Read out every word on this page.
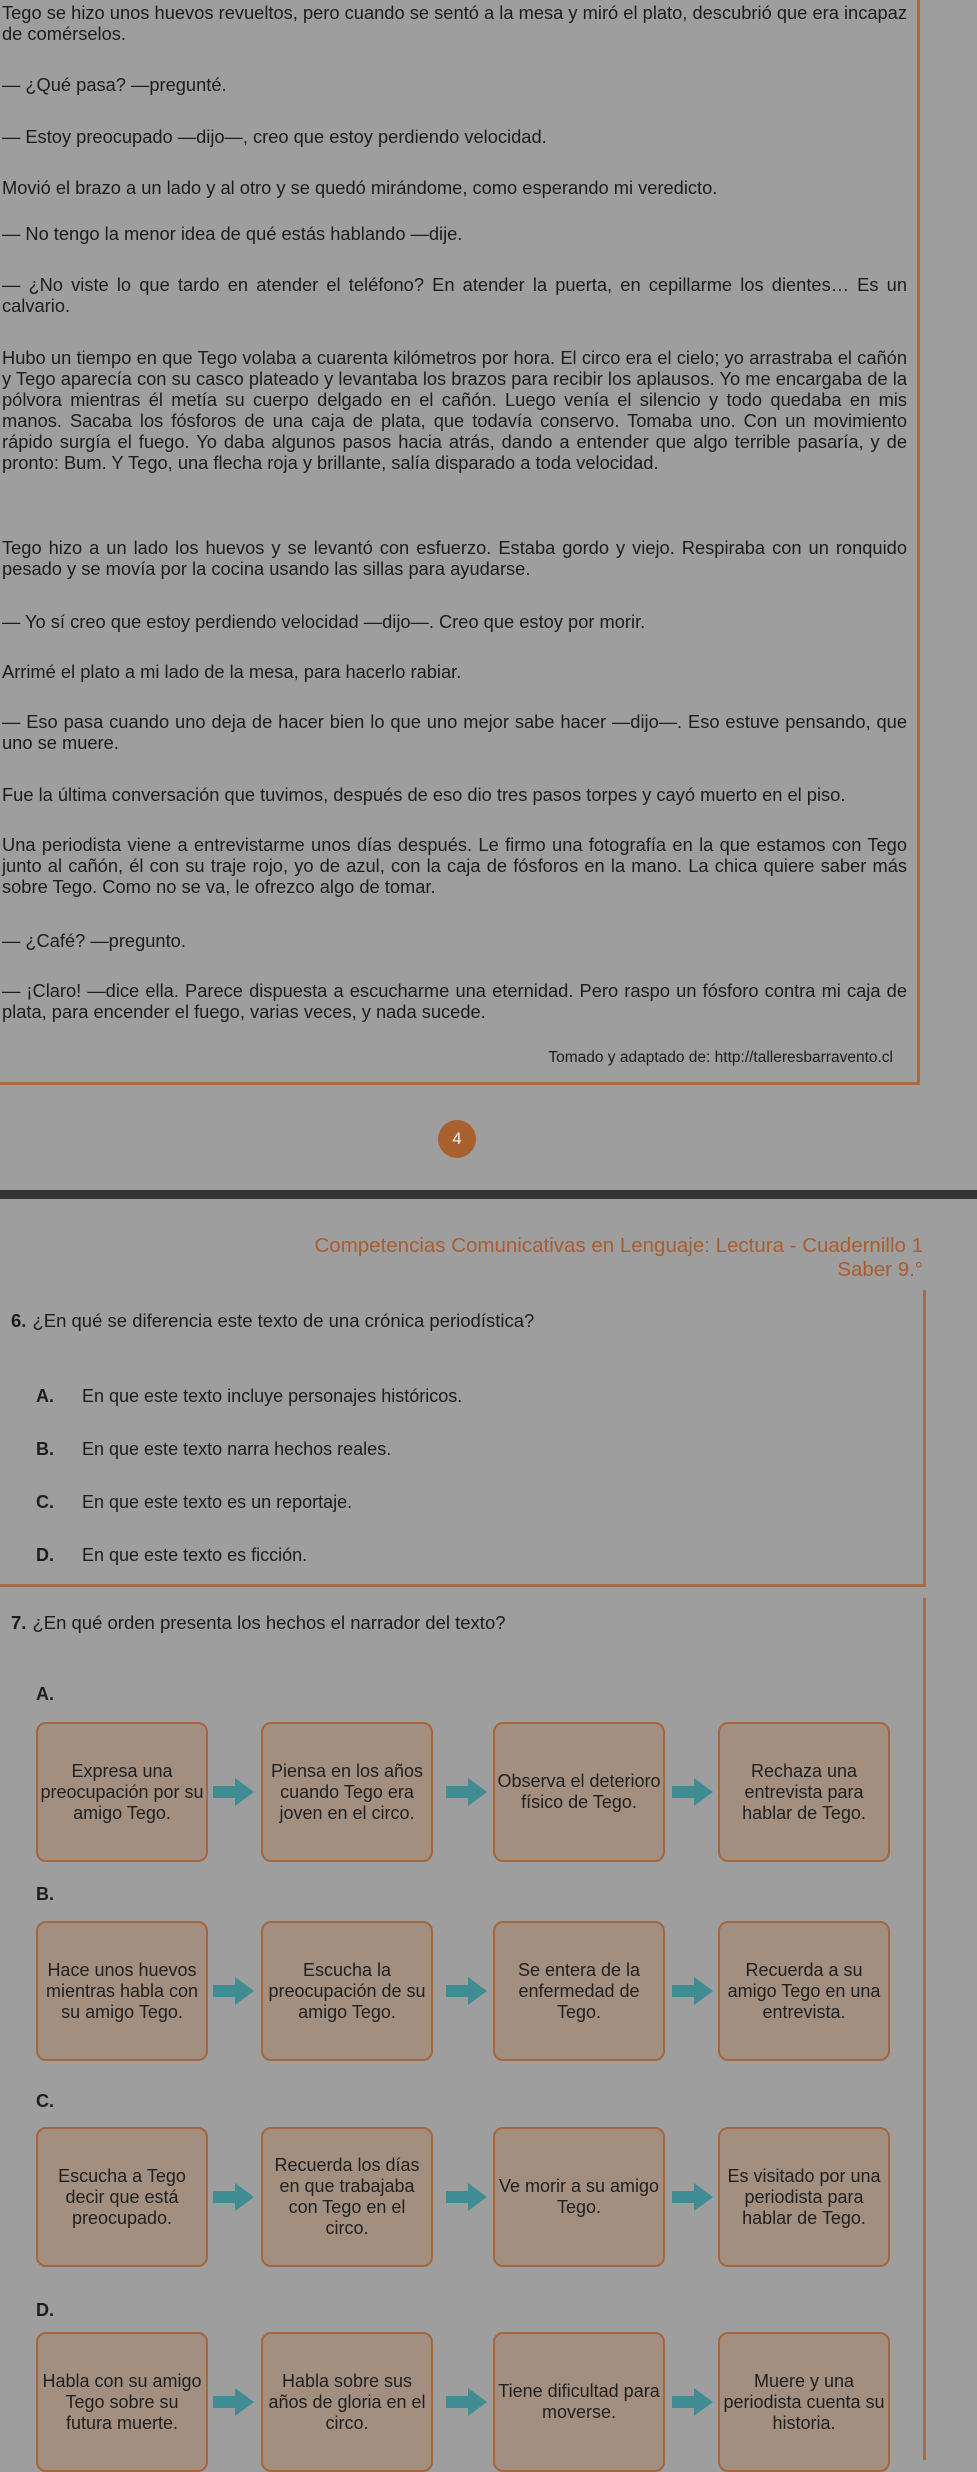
Tego se hizo unos huevos revueltos, pero cuando se sentó a la mesa y miró el plato, descubrió que era incapaz de comérselos.

— ¿Qué pasa? —pregunté.

— Estoy preocupado —dijo—, creo que estoy perdiendo velocidad.

Movió el brazo a un lado y al otro y se quedó mirándome, como esperando mi veredicto.

— No tengo la menor idea de qué estás hablando —dije.

— ¿No viste lo que tardo en atender el teléfono? En atender la puerta, en cepillarme los dientes… Es un calvario.

Hubo un tiempo en que Tego volaba a cuarenta kilómetros por hora. El circo era el cielo; yo arrastraba el cañón y Tego aparecía con su casco plateado y levantaba los brazos para recibir los aplausos. Yo me encargaba de la pólvora mientras él metía su cuerpo delgado en el cañón. Luego venía el silencio y todo quedaba en mis manos. Sacaba los fósforos de una caja de plata, que todavía conservo. Tomaba uno. Con un movimiento rápido surgía el fuego. Yo daba algunos pasos hacia atrás, dando a entender que algo terrible pasaría, y de pronto: Bum. Y Tego, una flecha roja y brillante, salía disparado a toda velocidad.

Tego hizo a un lado los huevos y se levantó con esfuerzo. Estaba gordo y viejo. Respiraba con un ronquido pesado y se movía por la cocina usando las sillas para ayudarse.

— Yo sí creo que estoy perdiendo velocidad —dijo—. Creo que estoy por morir.

Arrimé el plato a mi lado de la mesa, para hacerlo rabiar.

— Eso pasa cuando uno deja de hacer bien lo que uno mejor sabe hacer —dijo—. Eso estuve pensando, que uno se muere.

Fue la última conversación que tuvimos, después de eso dio tres pasos torpes y cayó muerto en el piso.

Una periodista viene a entrevistarme unos días después. Le firmo una fotografía en la que estamos con Tego junto al cañón, él con su traje rojo, yo de azul, con la caja de fósforos en la mano. La chica quiere saber más sobre Tego. Como no se va, le ofrezco algo de tomar.

— ¿Café? —pregunto.

— ¡Claro! —dice ella. Parece dispuesta a escucharme una eternidad. Pero raspo un fósforo contra mi caja de plata, para encender el fuego, varias veces, y nada sucede.

Tomado y adaptado de: http://talleresbarravento.cl

4

Competencias Comunicativas en Lenguaje: Lectura - Cuadernillo 1

Saber 9.°

6. ¿En qué se diferencia este texto de una crónica periodística?

A. En que este texto incluye personajes históricos.

B. En que este texto narra hechos reales.

C. En que este texto es un reportaje.

D. En que este texto es ficción.

7. ¿En qué orden presenta los hechos el narrador del texto?

A.

Expresa una preocupación por su amigo Tego.
Piensa en los años cuando Tego era joven en el circo.
Observa el deterioro físico de Tego.
Rechaza una entrevista para hablar de Tego.

B.

Hace unos huevos mientras habla con su amigo Tego.
Escucha la preocupación de su amigo Tego.
Se entera de la enfermedad de Tego.
Recuerda a su amigo Tego en una entrevista.

C.

Escucha a Tego decir que está preocupado.
Recuerda los días en que trabajaba con Tego en el circo.
Ve morir a su amigo Tego.
Es visitado por una periodista para hablar de Tego.

D.

Habla con su amigo Tego sobre su futura muerte.
Habla sobre sus años de gloria en el circo.
Tiene dificultad para moverse.
Muere y una periodista cuenta su historia.
